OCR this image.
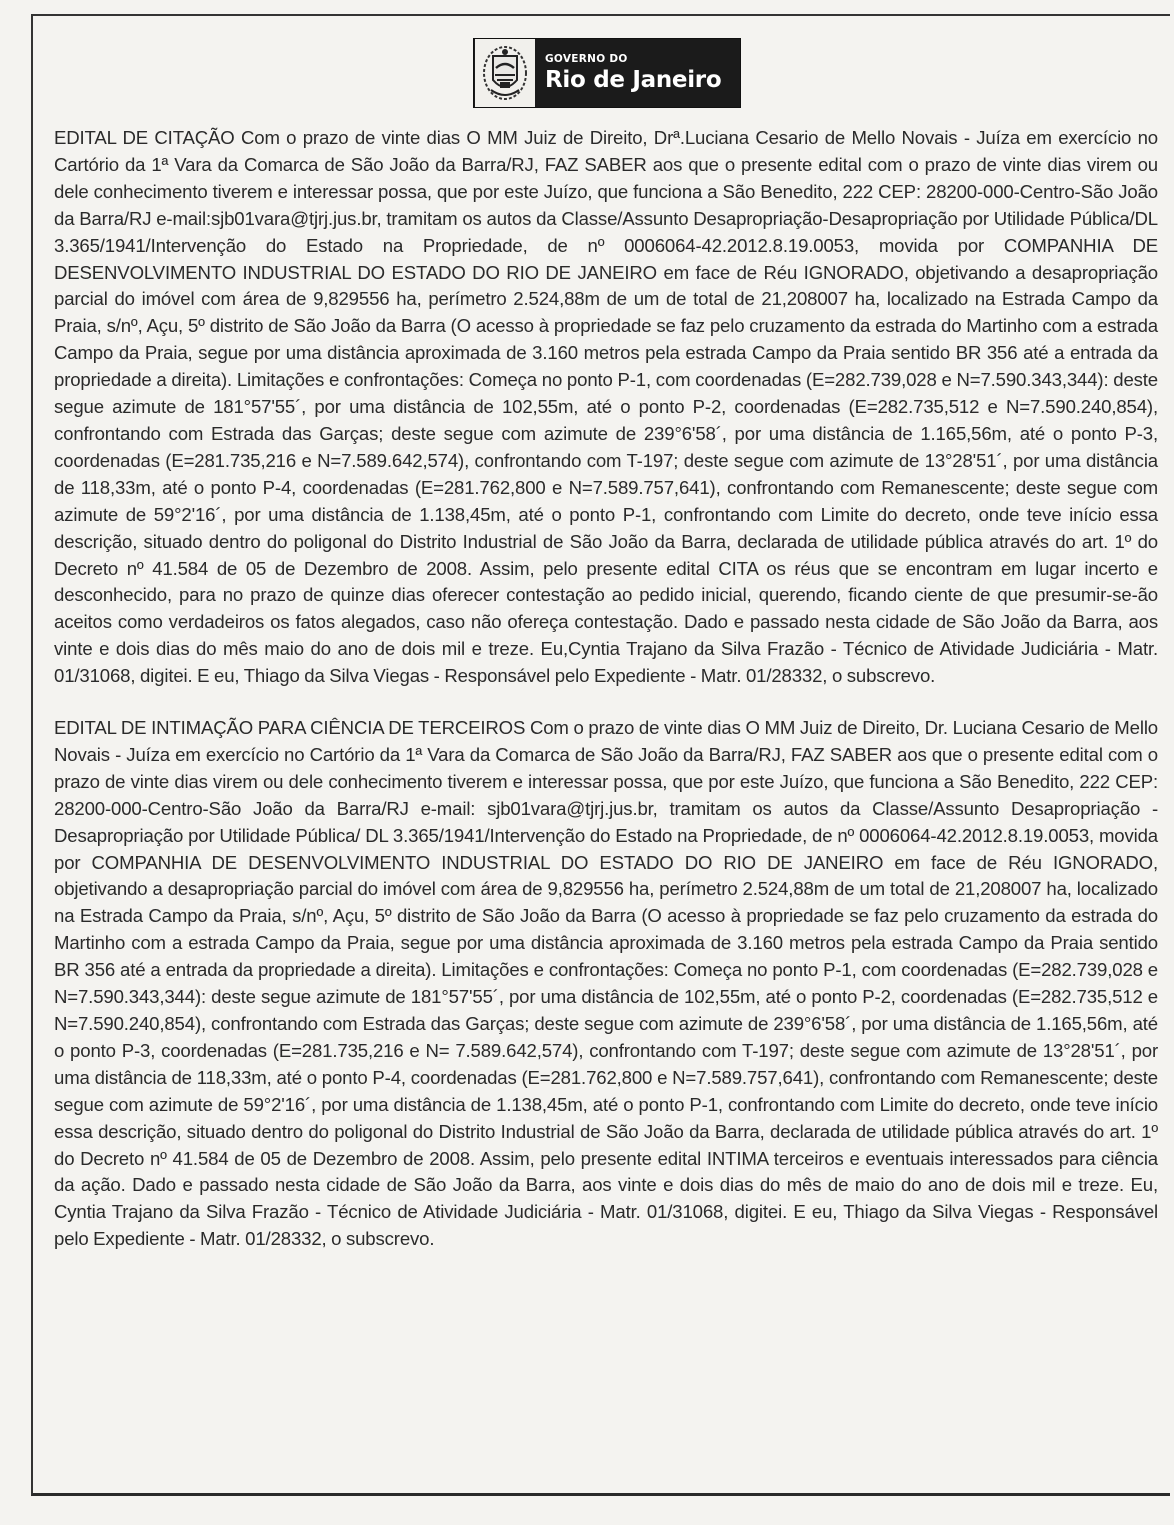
GOVERNO DO
Rio de Janeiro

EDITAL DE CITAÇÃO Com o prazo de vinte dias O MM Juiz de Direito, Drª.Luciana Cesario de Mello Novais - Juíza em exercício no Cartório da 1ª Vara da Comarca de São João da Barra/RJ, FAZ SABER aos que o presente edital com o prazo de vinte dias virem ou dele conhecimento tiverem e interessar possa, que por este Juízo, que funciona a São Benedito, 222 CEP: 28200-000-Centro-São João da Barra/RJ e-mail:sjb01vara@tjrj.jus.br, tramitam os autos da Classe/Assunto Desapropriação-Desapropriação por Utilidade Pública/DL 3.365/1941/Intervenção do Estado na Propriedade, de nº 0006064-42.2012.8.19.0053, movida por COMPANHIA DE DESENVOLVIMENTO INDUSTRIAL DO ESTADO DO RIO DE JANEIRO em face de Réu IGNORADO, objetivando a desapropriação parcial do imóvel com área de 9,829556 ha, perímetro 2.524,88m de um de total de 21,208007 ha, localizado na Estrada Campo da Praia, s/nº, Açu, 5º distrito de São João da Barra (O acesso à propriedade se faz pelo cruzamento da estrada do Martinho com a estrada Campo da Praia, segue por uma distância aproximada de 3.160 metros pela estrada Campo da Praia sentido BR 356 até a entrada da propriedade a direita). Limitações e confrontações: Começa no ponto P-1, com coordenadas (E=282.739,028 e N=7.590.343,344): deste segue azimute de 181°57'55´, por uma distância de 102,55m, até o ponto P-2, coordenadas (E=282.735,512 e N=7.590.240,854), confrontando com Estrada das Garças; deste segue com azimute de 239°6'58´, por uma distância de 1.165,56m, até o ponto P-3, coordenadas (E=281.735,216 e N=7.589.642,574), confrontando com T-197; deste segue com azimute de 13°28'51´, por uma distância de 118,33m, até o ponto P-4, coordenadas (E=281.762,800 e N=7.589.757,641), confrontando com Remanescente; deste segue com azimute de 59°2'16´, por uma distância de 1.138,45m, até o ponto P-1, confrontando com Limite do decreto, onde teve início essa descrição, situado dentro do poligonal do Distrito Industrial de São João da Barra, declarada de utilidade pública através do art. 1º do Decreto nº 41.584 de 05 de Dezembro de 2008. Assim, pelo presente edital CITA os réus que se encontram em lugar incerto e desconhecido, para no prazo de quinze dias oferecer contestação ao pedido inicial, querendo, ficando ciente de que presumir-se-ão aceitos como verdadeiros os fatos alegados, caso não ofereça contestação. Dado e passado nesta cidade de São João da Barra, aos vinte e dois dias do mês maio do ano de dois mil e treze. Eu,Cyntia Trajano da Silva Frazão - Técnico de Atividade Judiciária - Matr. 01/31068, digitei. E eu, Thiago da Silva Viegas - Responsável pelo Expediente - Matr. 01/28332, o subscrevo.

EDITAL DE INTIMAÇÃO PARA CIÊNCIA DE TERCEIROS Com o prazo de vinte dias O MM Juiz de Direito, Dr. Luciana Cesario de Mello Novais - Juíza em exercício no Cartório da 1ª Vara da Comarca de São João da Barra/RJ, FAZ SABER aos que o presente edital com o prazo de vinte dias virem ou dele conhecimento tiverem e interessar possa, que por este Juízo, que funciona a São Benedito, 222 CEP: 28200-000-Centro-São João da Barra/RJ e-mail: sjb01vara@tjrj.jus.br, tramitam os autos da Classe/Assunto Desapropriação - Desapropriação por Utilidade Pública/ DL 3.365/1941/Intervenção do Estado na Propriedade, de nº 0006064-42.2012.8.19.0053, movida por COMPANHIA DE DESENVOLVIMENTO INDUSTRIAL DO ESTADO DO RIO DE JANEIRO em face de Réu IGNORADO, objetivando a desapropriação parcial do imóvel com área de 9,829556 ha, perímetro 2.524,88m de um total de 21,208007 ha, localizado na Estrada Campo da Praia, s/nº, Açu, 5º distrito de São João da Barra (O acesso à propriedade se faz pelo cruzamento da estrada do Martinho com a estrada Campo da Praia, segue por uma distância aproximada de 3.160 metros pela estrada Campo da Praia sentido BR 356 até a entrada da propriedade a direita). Limitações e confrontações: Começa no ponto P-1, com coordenadas (E=282.739,028 e N=7.590.343,344): deste segue azimute de 181°57'55´, por uma distância de 102,55m, até o ponto P-2, coordenadas (E=282.735,512 e N=7.590.240,854), confrontando com Estrada das Garças; deste segue com azimute de 239°6'58´, por uma distância de 1.165,56m, até o ponto P-3, coordenadas (E=281.735,216 e N= 7.589.642,574), confrontando com T-197; deste segue com azimute de 13°28'51´, por uma distância de 118,33m, até o ponto P-4, coordenadas (E=281.762,800 e N=7.589.757,641), confrontando com Remanescente; deste segue com azimute de 59°2'16´, por uma distância de 1.138,45m, até o ponto P-1, confrontando com Limite do decreto, onde teve início essa descrição, situado dentro do poligonal do Distrito Industrial de São João da Barra, declarada de utilidade pública através do art. 1º do Decreto nº 41.584 de 05 de Dezembro de 2008. Assim, pelo presente edital INTIMA terceiros e eventuais interessados para ciência da ação. Dado e passado nesta cidade de São João da Barra, aos vinte e dois dias do mês de maio do ano de dois mil e treze. Eu, Cyntia Trajano da Silva Frazão - Técnico de Atividade Judiciária - Matr. 01/31068, digitei. E eu, Thiago da Silva Viegas - Responsável pelo Expediente - Matr. 01/28332, o subscrevo.
